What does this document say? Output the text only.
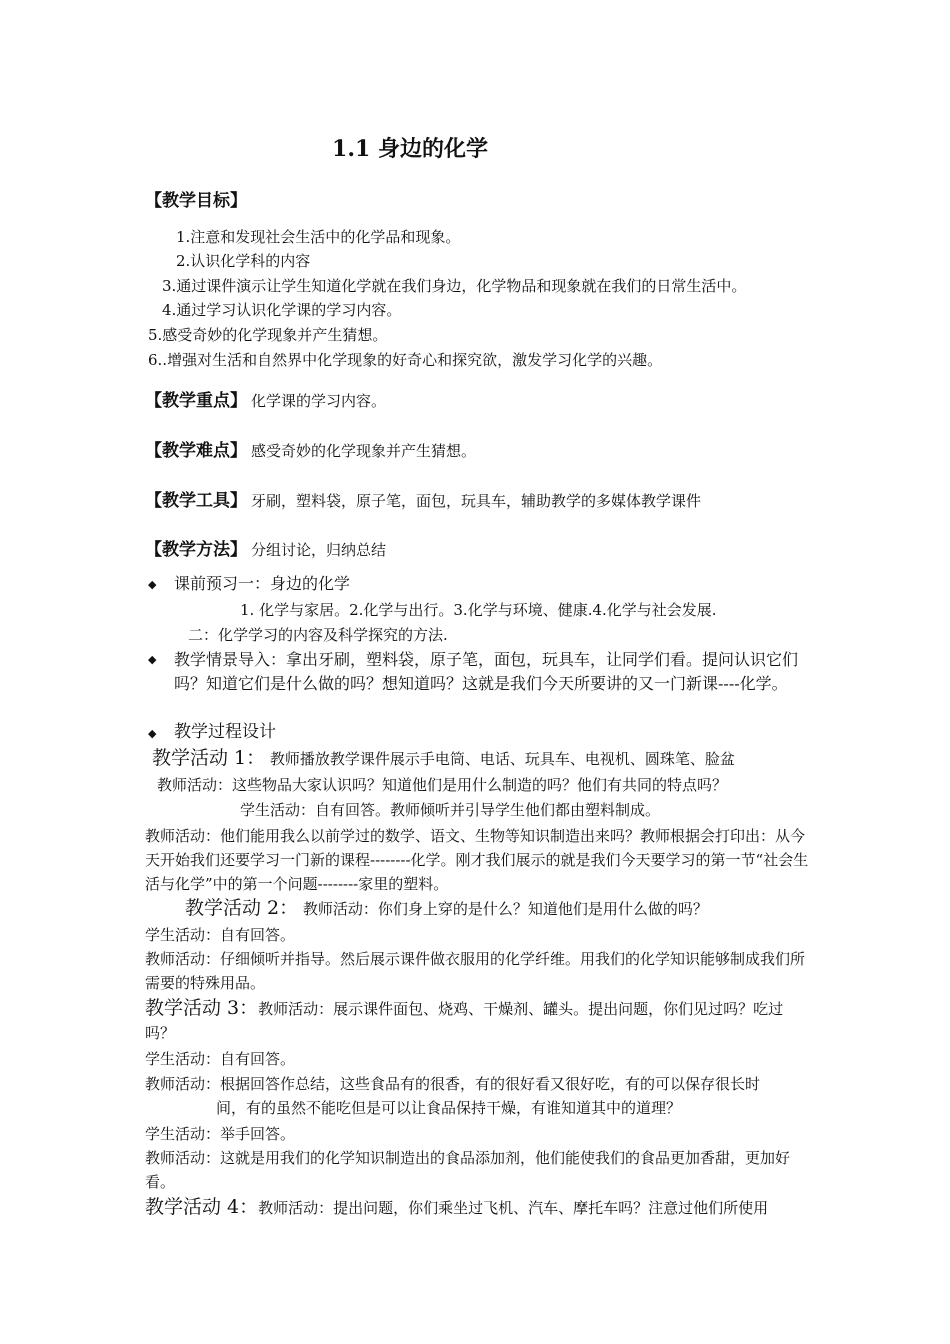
1.1 身边的化学
【教学目标】
1.注意和发现社会生活中的化学品和现象。
2.认识化学科的内容
3.通过课件演示让学生知道化学就在我们身边，化学物品和现象就在我们的日常生活中。
4.通过学习认识化学课的学习内容。
5.感受奇妙的化学现象并产生猜想。
6..增强对生活和自然界中化学现象的好奇心和探究欲，激发学习化学的兴趣。
【教学重点】 化学课的学习内容。
【教学难点】 感受奇妙的化学现象并产生猜想。
【教学工具】 牙刷，塑料袋，原子笔，面包，玩具车，辅助教学的多媒体教学课件
【教学方法】 分组讨论，归纳总结
◆ 课前预习一：身边的化学
1. 化学与家居。2.化学与出行。3.化学与环境、健康.4.化学与社会发展.
二：化学学习的内容及科学探究的方法.
◆ 教学情景导入：拿出牙刷，塑料袋，原子笔，面包，玩具车，让同学们看。提问认识它们吗？知道它们是什么做的吗？想知道吗？这就是我们今天所要讲的又一门新课----化学。
◆ 教学过程设计
教学活动 1： 教师播放教学课件展示手电筒、电话、玩具车、电视机、圆珠笔、脸盆
教师活动：这些物品大家认识吗？知道他们是用什么制造的吗？他们有共同的特点吗？
学生活动：自有回答。教师倾听并引导学生他们都由塑料制成。
教师活动：他们能用我么以前学过的数学、语文、生物等知识制造出来吗？教师根据会打印出：从今天开始我们还要学习一门新的课程--------化学。刚才我们展示的就是我们今天要学习的第一节“社会生活与化学”中的第一个问题--------家里的塑料。
教学活动 2： 教师活动：你们身上穿的是什么？知道他们是用什么做的吗？
学生活动：自有回答。
教师活动：仔细倾听并指导。然后展示课件做衣服用的化学纤维。用我们的化学知识能够制成我们所需要的特殊用品。
教学活动 3：教师活动：展示课件面包、烧鸡、干燥剂、罐头。提出问题，你们见过吗？吃过吗？
学生活动：自有回答。
教师活动：根据回答作总结，这些食品有的很香，有的很好看又很好吃，有的可以保存很长时
间，有的虽然不能吃但是可以让食品保持干燥，有谁知道其中的道理？
学生活动：举手回答。
教师活动：这就是用我们的化学知识制造出的食品添加剂，他们能使我们的食品更加香甜，更加好看。
教学活动 4：教师活动：提出问题，你们乘坐过飞机、汽车、摩托车吗？注意过他们所使用
